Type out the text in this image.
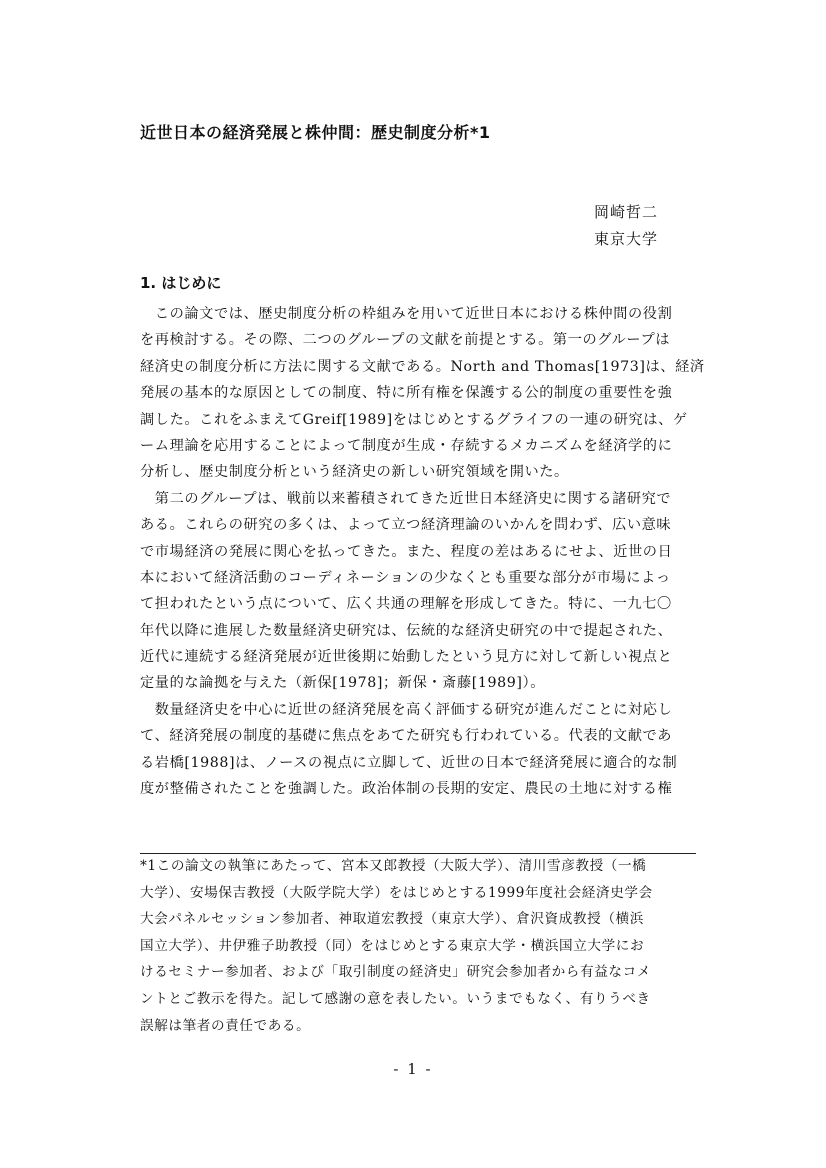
近世日本の経済発展と株仲間：歴史制度分析*1
岡崎哲二
東京大学
1. はじめに
　この論文では、歴史制度分析の枠組みを用いて近世日本における株仲間の役割
を再検討する。その際、二つのグループの文献を前提とする。第一のグループは
経済史の制度分析に方法に関する文献である。North and Thomas[1973]は、経済
発展の基本的な原因としての制度、特に所有権を保護する公的制度の重要性を強
調した。これをふまえてGreif[1989]をはじめとするグライフの一連の研究は、ゲ
ーム理論を応用することによって制度が生成・存続するメカニズムを経済学的に
分析し、歴史制度分析という経済史の新しい研究領域を開いた。
　第二のグループは、戦前以来蓄積されてきた近世日本経済史に関する諸研究で
ある。これらの研究の多くは、よって立つ経済理論のいかんを問わず、広い意味
で市場経済の発展に関心を払ってきた。また、程度の差はあるにせよ、近世の日
本において経済活動のコーディネーションの少なくとも重要な部分が市場によっ
て担われたという点について、広く共通の理解を形成してきた。特に、一九七〇
年代以降に進展した数量経済史研究は、伝統的な経済史研究の中で提起された、
近代に連続する経済発展が近世後期に始動したという見方に対して新しい視点と
定量的な論拠を与えた（新保[1978]；新保・斎藤[1989]）。
　数量経済史を中心に近世の経済発展を高く評価する研究が進んだことに対応し
て、経済発展の制度的基礎に焦点をあてた研究も行われている。代表的文献であ
る岩橋[1988]は、ノースの視点に立脚して、近世の日本で経済発展に適合的な制
度が整備されたことを強調した。政治体制の長期的安定、農民の土地に対する権
*1この論文の執筆にあたって、宮本又郎教授（大阪大学）、清川雪彦教授（一橋
大学）、安場保吉教授（大阪学院大学）をはじめとする1999年度社会経済史学会
大会パネルセッション参加者、神取道宏教授（東京大学）、倉沢資成教授（横浜
国立大学）、井伊雅子助教授（同）をはじめとする東京大学・横浜国立大学にお
けるセミナー参加者、および「取引制度の経済史」研究会参加者から有益なコメ
ントとご教示を得た。記して感謝の意を表したい。いうまでもなく、有りうべき
誤解は筆者の責任である。
- 1 -
